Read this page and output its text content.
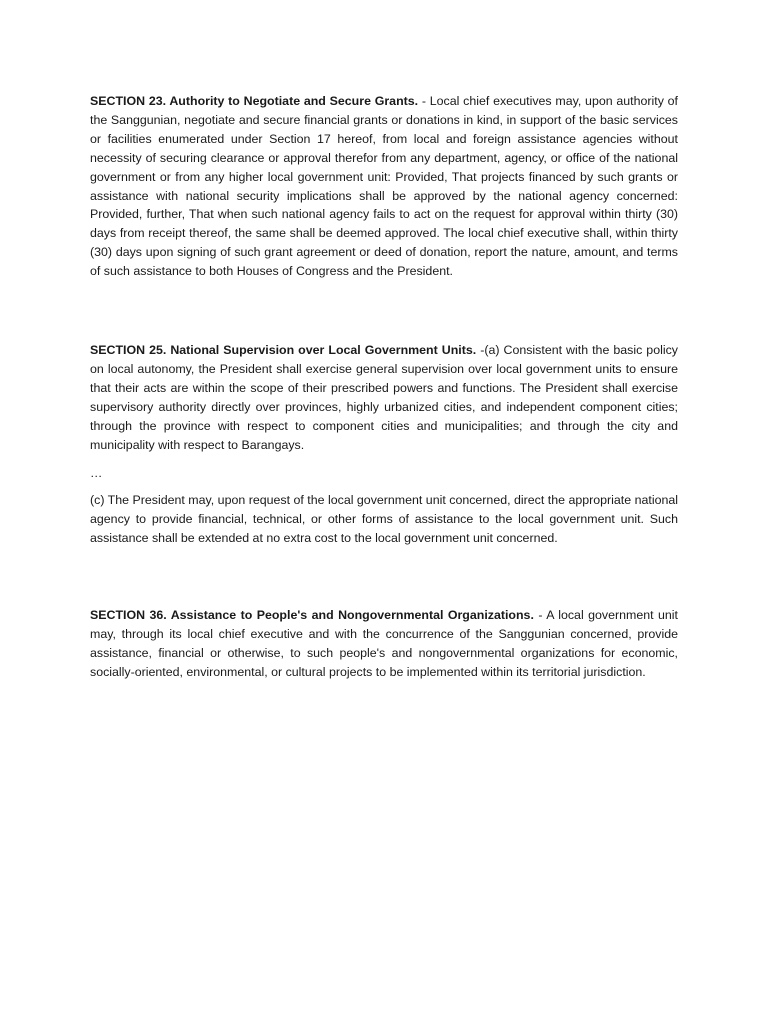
SECTION 23. Authority to Negotiate and Secure Grants. - Local chief executives may, upon authority of the Sanggunian, negotiate and secure financial grants or donations in kind, in support of the basic services or facilities enumerated under Section 17 hereof, from local and foreign assistance agencies without necessity of securing clearance or approval therefor from any department, agency, or office of the national government or from any higher local government unit: Provided, That projects financed by such grants or assistance with national security implications shall be approved by the national agency concerned: Provided, further, That when such national agency fails to act on the request for approval within thirty (30) days from receipt thereof, the same shall be deemed approved. The local chief executive shall, within thirty (30) days upon signing of such grant agreement or deed of donation, report the nature, amount, and terms of such assistance to both Houses of Congress and the President.

SECTION 25. National Supervision over Local Government Units. -(a) Consistent with the basic policy on local autonomy, the President shall exercise general supervision over local government units to ensure that their acts are within the scope of their prescribed powers and functions. The President shall exercise supervisory authority directly over provinces, highly urbanized cities, and independent component cities; through the province with respect to component cities and municipalities; and through the city and municipality with respect to Barangays.

…

(c) The President may, upon request of the local government unit concerned, direct the appropriate national agency to provide financial, technical, or other forms of assistance to the local government unit. Such assistance shall be extended at no extra cost to the local government unit concerned.

SECTION 36. Assistance to People's and Nongovernmental Organizations. - A local government unit may, through its local chief executive and with the concurrence of the Sanggunian concerned, provide assistance, financial or otherwise, to such people's and nongovernmental organizations for economic, socially-oriented, environmental, or cultural projects to be implemented within its territorial jurisdiction.
